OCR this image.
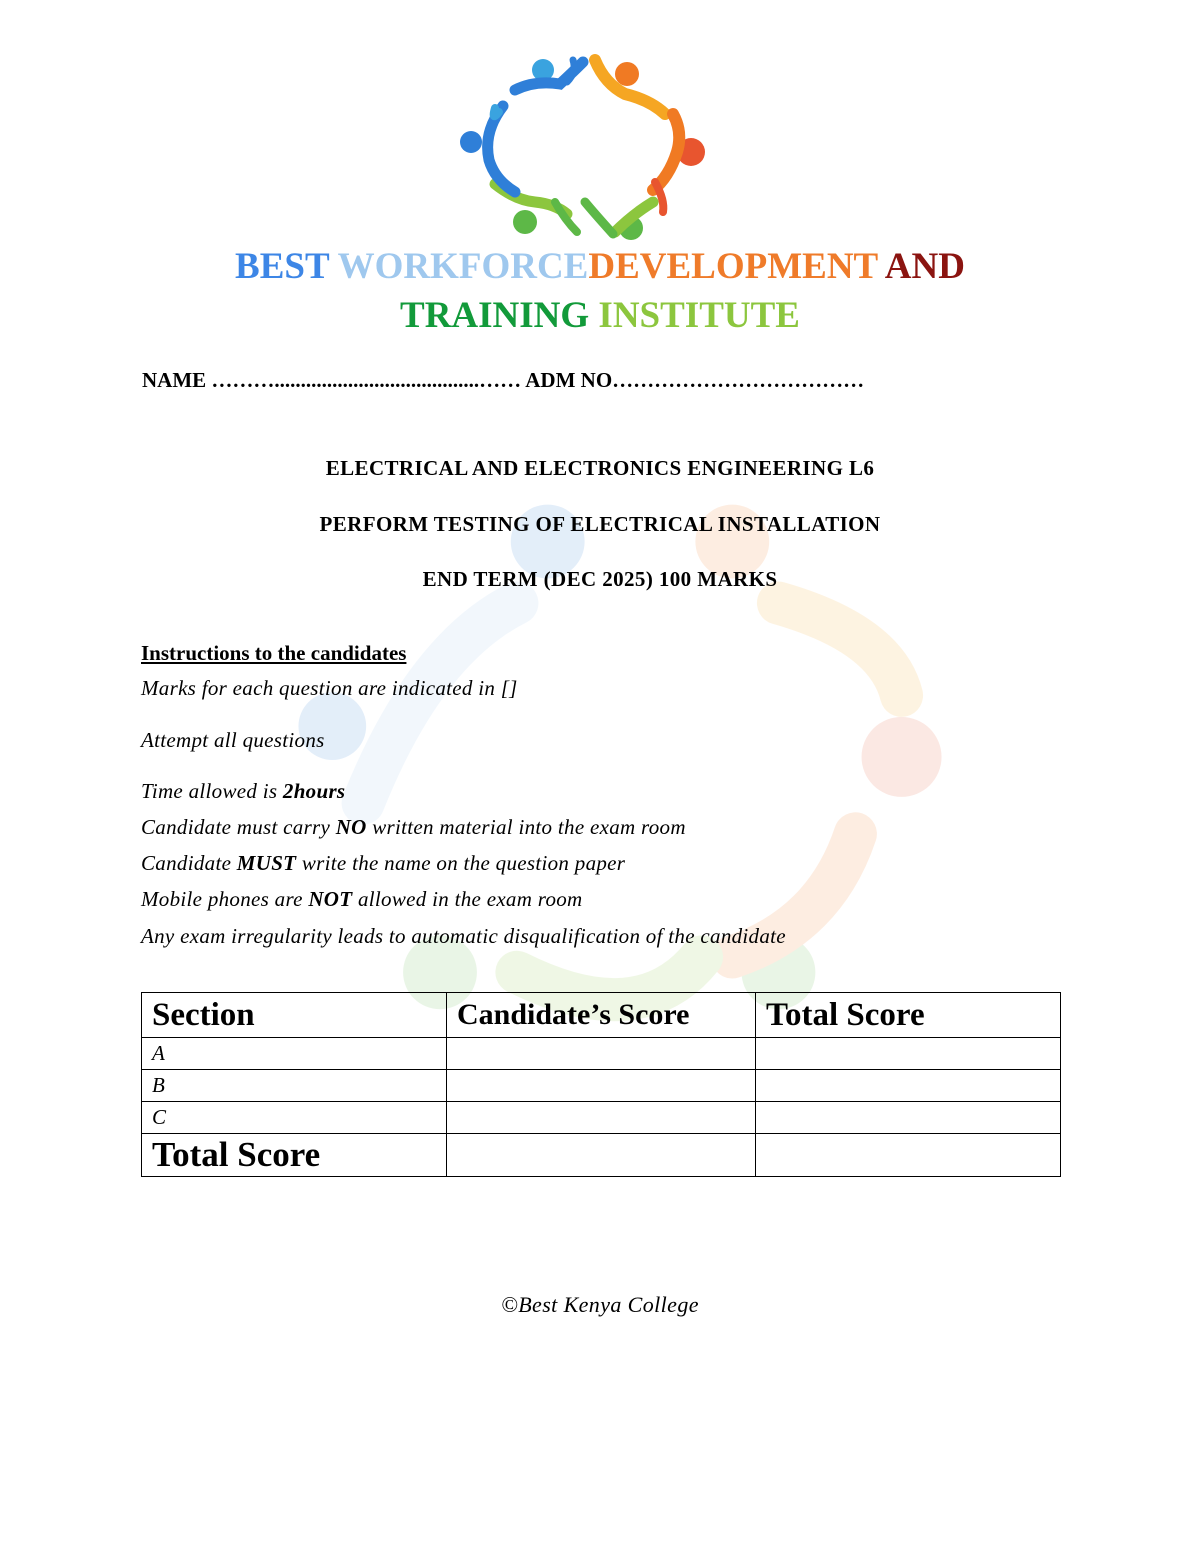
BEST WORKFORCEDEVELOPMENT AND
TRAINING INSTITUTE
NAME ……….......................................…… ADM NO………………………………
ELECTRICAL AND ELECTRONICS ENGINEERING L6
PERFORM TESTING OF ELECTRICAL INSTALLATION
END TERM (DEC 2025) 100 MARKS
Instructions to the candidates
Marks for each question are indicated in []
Attempt all questions
Time allowed is 2hours
Candidate must carry NO written material into the exam room
Candidate MUST write the name on the question paper
Mobile phones are NOT allowed in the exam room
Any exam irregularity leads to automatic disqualification of the candidate
Section	Candidate’s Score	Total Score
A		
B		
C		
Total Score		
©Best Kenya College
